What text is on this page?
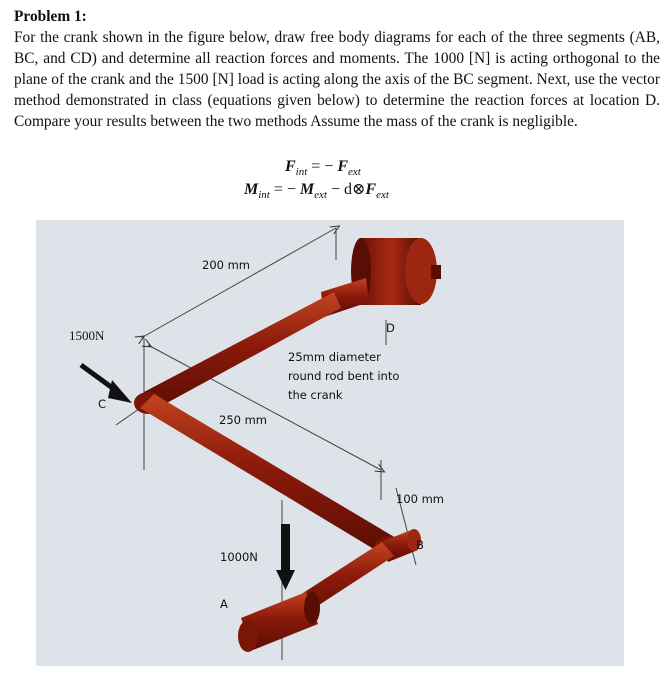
Problem 1:
For the crank shown in the figure below, draw free body diagrams for each of the three segments (AB, BC, and CD) and determine all reaction forces and moments. The 1000 [N] is acting orthogonal to the plane of the crank and the 1500 [N] load is acting along the axis of the BC segment. Next, use the vector method demonstrated in class (equations given below) to determine the reaction forces at location D. Compare your results between the two methods Assume the mass of the crank is negligible.
$F_{int}$ = − $F_{ext}$
$M_{int}$ = − $M_{ext}$ − $d\otimes F_{ext}$
200 mm
1500N	D
25mm diameter round rod bent into the crank
C
250 mm
100 mm
B
1000N
A
